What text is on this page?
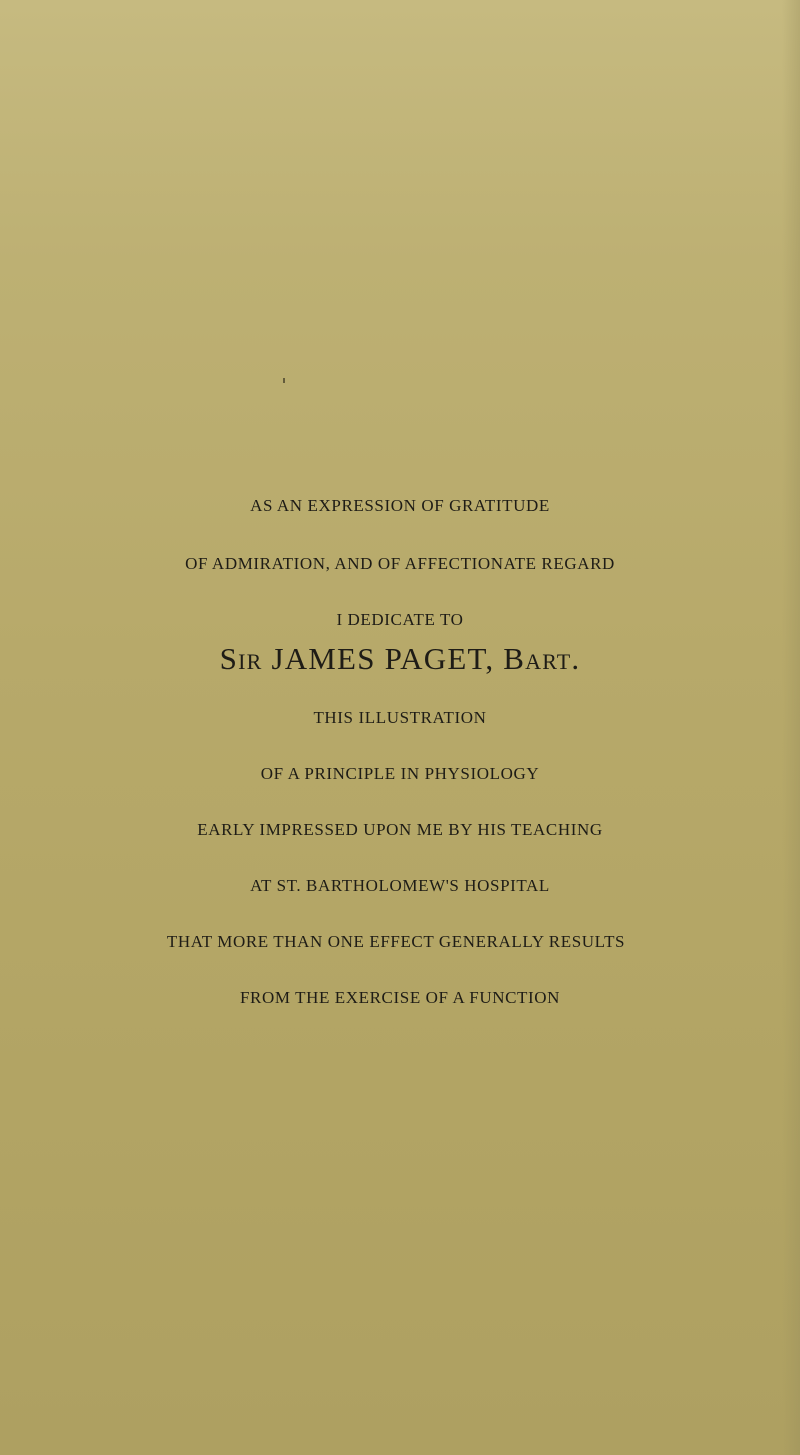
AS AN EXPRESSION OF GRATITUDE
OF ADMIRATION, AND OF AFFECTIONATE REGARD
I DEDICATE TO
Sir JAMES PAGET, Bart.
THIS ILLUSTRATION
OF A PRINCIPLE IN PHYSIOLOGY
EARLY IMPRESSED UPON ME BY HIS TEACHING
AT ST. BARTHOLOMEW'S HOSPITAL
THAT MORE THAN ONE EFFECT GENERALLY RESULTS
FROM THE EXERCISE OF A FUNCTION
